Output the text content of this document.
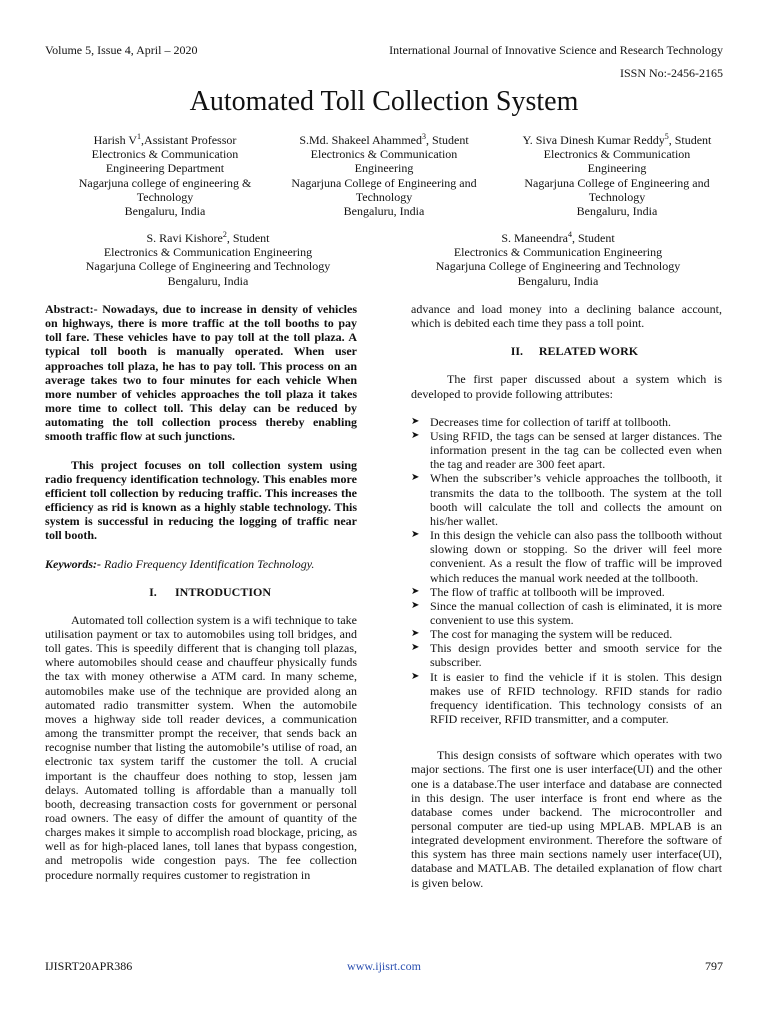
Volume 5, Issue 4, April – 2020	International Journal of Innovative Science and Research Technology
ISSN No:-2456-2165
Automated Toll Collection System
Harish $V^1,Assistant$ Professor
Electronics & Communication
Engineering Department
Nagarjuna college of engineering &
Technology
Bengaluru, India
S.Md. Shakeel Ahammed$^3$, Student
Electronics & Communication
Engineering
Nagarjuna College of Engineering and
Technology
Bengaluru, India
Y. Siva Dinesh Kumar Reddy$^5$, Student
Electronics & Communication
Engineering
Nagarjuna College of Engineering and
Technology
Bengaluru, India
S. Ravi Kishore$^2$, Student
Electronics & Communication Engineering
Nagarjuna College of Engineering and Technology
Bengaluru, India
S. Maneendra$^4$, Student
Electronics & Communication Engineering
Nagarjuna College of Engineering and Technology
Bengaluru, India

Abstract:- Nowadays, due to increase in density of vehicles on highways, there is more traffic at the toll booths to pay toll fare. These vehicles have to pay toll at the toll plaza. A typical toll booth is manually operated. When user approaches toll plaza, he has to pay toll. This process on an average takes two to four minutes for each vehicle When more number of vehicles approaches the toll plaza it takes more time to collect toll. This delay can be reduced by automating the toll collection process thereby enabling smooth traffic flow at such junctions.

This project focuses on toll collection system using radio frequency identification technology. This enables more efficient toll collection by reducing traffic. This increases the efficiency as rid is known as a highly stable technology. This system is successful in reducing the logging of traffic near toll booth.

Keywords:- Radio Frequency Identification Technology.

I. INTRODUCTION

Automated toll collection system is a wifi technique to take utilisation payment or tax to automobiles using toll bridges, and toll gates. This is speedily different that is changing toll plazas, where automobiles should cease and chauffeur physically funds the tax with money otherwise a ATM card. In many scheme, automobiles make use of the technique are provided along an automated radio transmitter system. When the automobile moves a highway side toll reader devices, a communication among the transmitter prompt the receiver, that sends back an recognise number that listing the automobile’s utilise of road, an electronic tax system tariff the customer the toll. A crucial important is the chauffeur does nothing to stop, lessen jam delays. Automated tolling is affordable than a manually toll booth, decreasing transaction costs for government or personal road owners. The easy of differ the amount of quantity of the charges makes it simple to accomplish road blockage, pricing, as well as for high-placed lanes, toll lanes that bypass congestion, and metropolis wide congestion pays. The fee collection procedure normally requires customer to registration in

advance and load money into a declining balance account, which is debited each time they pass a toll point.

II. RELATED WORK

The first paper discussed about a system which is developed to provide following attributes:

➤ Decreases time for collection of tariff at tollbooth.
➤ Using RFID, the tags can be sensed at larger distances. The information present in the tag can be collected even when the tag and reader are 300 feet apart.
➤ When the subscriber’s vehicle approaches the tollbooth, it transmits the data to the tollbooth. The system at the toll booth will calculate the toll and collects the amount on his/her wallet.
➤ In this design the vehicle can also pass the tollbooth without slowing down or stopping. So the driver will feel more convenient. As a result the flow of traffic will be improved which reduces the manual work needed at the tollbooth.
➤ The flow of traffic at tollbooth will be improved.
➤ Since the manual collection of cash is eliminated, it is more convenient to use this system.
➤ The cost for managing the system will be reduced.
➤ This design provides better and smooth service for the subscriber.
➤ It is easier to find the vehicle if it is stolen. This design makes use of RFID technology. RFID stands for radio frequency identification. This technology consists of an RFID receiver, RFID transmitter, and a computer.

This design consists of software which operates with two major sections. The first one is user interface(UI) and the other one is a database.The user interface and database are connected in this design. The user interface is front end where as the database comes under backend. The microcontroller and personal computer are tied-up using MPLAB. MPLAB is an integrated development environment. Therefore the software of this system has three main sections namely user interface(UI), database and MATLAB. The detailed explanation of flow chart is given below.

IJISRT20APR386	www.ijisrt.com	797
